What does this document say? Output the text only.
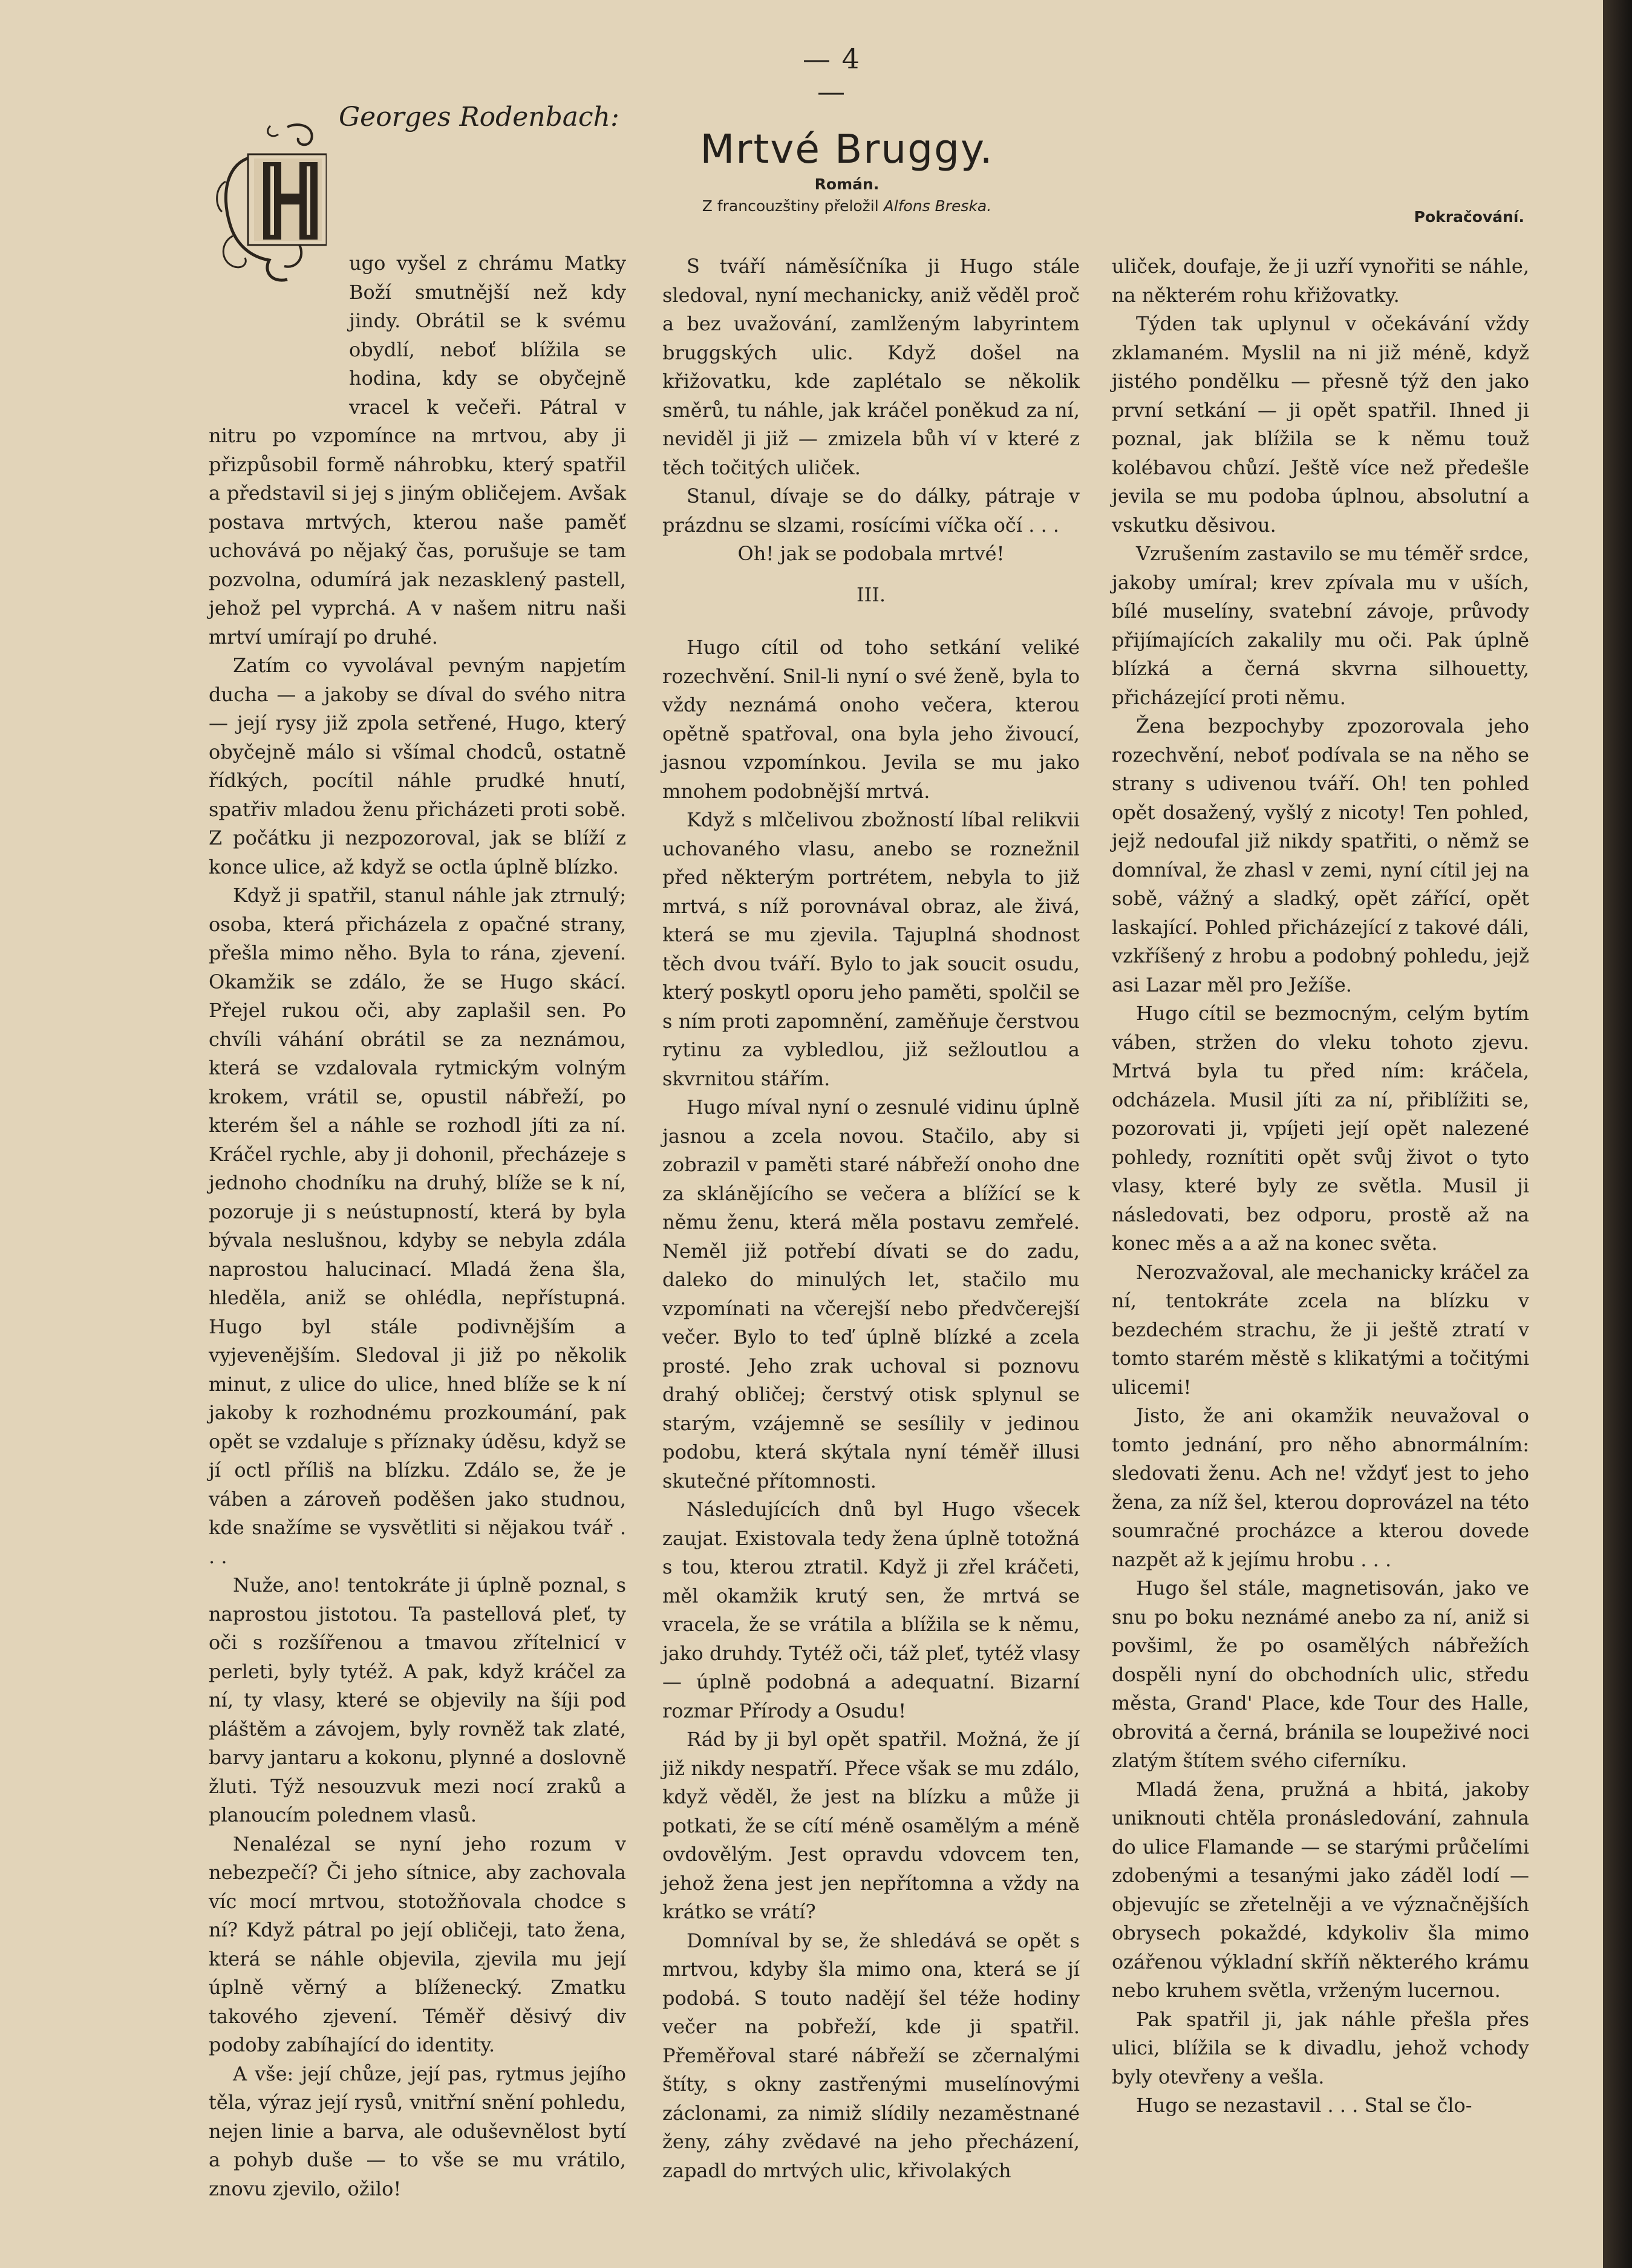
— 4 —
Georges Rodenbach:
Mrtvé Bruggy.
Román.
Z francouzštiny přeložil Alfons Breska.
Pokračování.

ugo vyšel z chrámu Matky Boží smutnější než kdy jindy. Obrátil se k svému obydlí, neboť blížila se hodina, kdy se obyčejně vracel k večeři. Pátral v nitru po vzpomínce na mrtvou, aby ji přizpůsobil formě náhrobku, který spatřil a představil si jej s jiným obličejem. Avšak postava mrtvých, kterou naše paměť uchovává po nějaký čas, porušuje se tam pozvolna, odumírá jak nezasklený pastell, jehož pel vyprchá. A v našem nitru naši mrtví umírají po druhé.

Zatím co vyvolával pevným napjetím ducha — a jakoby se díval do svého nitra — její rysy již zpola setřené, Hugo, který obyčejně málo si všímal chodců, ostatně řídkých, pocítil náhle prudké hnutí, spatřiv mladou ženu přicházeti proti sobě. Z počátku ji nezpozoroval, jak se blíží z konce ulice, až když se octla úplně blízko.

Když ji spatřil, stanul náhle jak ztrnulý; osoba, která přicházela z opačné strany, přešla mimo něho. Byla to rána, zjevení. Okamžik se zdálo, že se Hugo skácí. Přejel rukou oči, aby zaplašil sen. Po chvíli váhání obrátil se za neznámou, která se vzdalovala rytmickým volným krokem, vrátil se, opustil nábřeží, po kterém šel a náhle se rozhodl jíti za ní. Kráčel rychle, aby ji dohonil, přecházeje s jednoho chodníku na druhý, blíže se k ní, pozoruje ji s neústupností, která by byla bývala neslušnou, kdyby se nebyla zdála naprostou halucinací. Mladá žena šla, hleděla, aniž se ohlédla, nepřístupná. Hugo byl stále podivnějším a vyjevenějším. Sledoval ji již po několik minut, z ulice do ulice, hned blíže se k ní jakoby k rozhodnému prozkoumání, pak opět se vzdaluje s příznaky úděsu, když se jí octl příliš na blízku. Zdálo se, že je váben a zároveň poděšen jako studnou, kde snažíme se vysvětliti si nějakou tvář . . .

Nuže, ano! tentokráte ji úplně poznal, s naprostou jistotou. Ta pastellová pleť, ty oči s rozšířenou a tmavou zřítelnicí v perleti, byly tytéž. A pak, když kráčel za ní, ty vlasy, které se objevily na šíji pod pláštěm a závojem, byly rovněž tak zlaté, barvy jantaru a kokonu, plynné a doslovně žluti. Týž nesouzvuk mezi nocí zraků a planoucím polednem vlasů.

Nenalézal se nyní jeho rozum v nebezpečí? Či jeho sítnice, aby zachovala víc mocí mrtvou, stotožňovala chodce s ní? Když pátral po její obličeji, tato žena, která se náhle objevila, zjevila mu její úplně věrný a blíženecký. Zmatku takového zjevení. Téměř děsivý div podoby zabíhající do identity.

A vše: její chůze, její pas, rytmus jejího těla, výraz její rysů, vnitřní snění pohledu, nejen linie a barva, ale oduševnělost bytí a pohyb duše — to vše se mu vrátilo, znovu zjevilo, ožilo!

S tváří náměsíčníka ji Hugo stále sledoval, nyní mechanicky, aniž věděl proč a bez uvažování, zamlženým labyrintem bruggských ulic. Když došel na křižovatku, kde zaplétalo se několik směrů, tu náhle, jak kráčel poněkud za ní, neviděl ji již — zmizela bůh ví v které z těch točitých uliček.

Stanul, dívaje se do dálky, pátraje v prázdnu se slzami, rosícími víčka očí . . .

Oh! jak se podobala mrtvé!

III.

Hugo cítil od toho setkání veliké rozechvění. Snil-li nyní o své ženě, byla to vždy neznámá onoho večera, kterou opětně spatřoval, ona byla jeho živoucí, jasnou vzpomínkou. Jevila se mu jako mnohem podobnější mrtvá.

Když s mlčelivou zbožností líbal relikvii uchovaného vlasu, anebo se roznežnil před některým portrétem, nebyla to již mrtvá, s níž porovnával obraz, ale živá, která se mu zjevila. Tajuplná shodnost těch dvou tváří. Bylo to jak soucit osudu, který poskytl oporu jeho paměti, spolčil se s ním proti zapomnění, zaměňuje čerstvou rytinu za vybledlou, již sežloutlou a skvrnitou stářím.

Hugo míval nyní o zesnulé vidinu úplně jasnou a zcela novou. Stačilo, aby si zobrazil v paměti staré nábřeží onoho dne za sklánějícího se večera a blížící se k němu ženu, která měla postavu zemřelé. Neměl již potřebí dívati se do zadu, daleko do minulých let, stačilo mu vzpomínati na včerejší nebo předvčerejší večer. Bylo to teď úplně blízké a zcela prosté. Jeho zrak uchoval si poznovu drahý obličej; čerstvý otisk splynul se starým, vzájemně se sesílily v jedinou podobu, která skýtala nyní téměř illusi skutečné přítomnosti.

Následujících dnů byl Hugo všecek zaujat. Existovala tedy žena úplně totožná s tou, kterou ztratil. Když ji zřel kráčeti, měl okamžik krutý sen, že mrtvá se vracela, že se vrátila a blížila se k němu, jako druhdy. Tytéž oči, táž pleť, tytéž vlasy — úplně podobná a adequatní. Bizarní rozmar Přírody a Osudu!

Rád by ji byl opět spatřil. Možná, že jí již nikdy nespatří. Přece však se mu zdálo, když věděl, že jest na blízku a může ji potkati, že se cítí méně osamělým a méně ovdovělým. Jest opravdu vdovcem ten, jehož žena jest jen nepřítomna a vždy na krátko se vrátí?

Domníval by se, že shledává se opět s mrtvou, kdyby šla mimo ona, která se jí podobá. S touto nadějí šel téže hodiny večer na pobřeží, kde ji spatřil. Přeměřoval staré nábřeží se zčernalými štíty, s okny zastřenými muselínovými záclonami, za nimiž slídily nezaměstnané ženy, záhy zvědavé na jeho přecházení, zapadl do mrtvých ulic, křivolakých

uliček, doufaje, že ji uzří vynořiti se náhle, na některém rohu křižovatky.

Týden tak uplynul v očekávání vždy zklamaném. Myslil na ni již méně, když jistého pondělku — přesně týž den jako první setkání — ji opět spatřil. Ihned ji poznal, jak blížila se k němu touž kolébavou chůzí. Ještě více než předešle jevila se mu podoba úplnou, absolutní a vskutku děsivou.

Vzrušením zastavilo se mu téměř srdce, jakoby umíral; krev zpívala mu v uších, bílé muselíny, svatební závoje, průvody přijímajících zakalily mu oči. Pak úplně blízká a černá skvrna silhouetty, přicházející proti němu.

Žena bezpochyby zpozorovala jeho rozechvění, neboť podívala se na něho se strany s udivenou tváří. Oh! ten pohled opět dosažený, vyšlý z nicoty! Ten pohled, jejž nedoufal již nikdy spatřiti, o němž se domníval, že zhasl v zemi, nyní cítil jej na sobě, vážný a sladký, opět zářící, opět laskající. Pohled přicházející z takové dáli, vzkříšený z hrobu a podobný pohledu, jejž asi Lazar měl pro Ježíše.

Hugo cítil se bezmocným, celým bytím váben, stržen do vleku tohoto zjevu. Mrtvá byla tu před ním: kráčela, odcházela. Musil jíti za ní, přiblížiti se, pozorovati ji, vpíjeti její opět nalezené pohledy, roznítiti opět svůj život o tyto vlasy, které byly ze světla. Musil ji následovati, bez odporu, prostě až na konec měs a a až na konec světa.

Nerozvažoval, ale mechanicky kráčel za ní, tentokráte zcela na blízku v bezdechém strachu, že ji ještě ztratí v tomto starém městě s klikatými a točitými ulicemi!

Jisto, že ani okamžik neuvažoval o tomto jednání, pro něho abnormálním: sledovati ženu. Ach ne! vždyť jest to jeho žena, za níž šel, kterou doprovázel na této soumračné procházce a kterou dovede nazpět až k jejímu hrobu . . .

Hugo šel stále, magnetisován, jako ve snu po boku neznámé anebo za ní, aniž si povšiml, že po osamělých nábřežích dospěli nyní do obchodních ulic, středu města, Grand' Place, kde Tour des Halle, obrovitá a černá, bránila se loupeživé noci zlatým štítem svého ciferníku.

Mladá žena, pružná a hbitá, jakoby uniknouti chtěla pronásledování, zahnula do ulice Flamande — se starými průčelími zdobenými a tesanými jako záděl lodí — objevujíc se zřetelněji a ve význačnějších obrysech pokaždé, kdykoliv šla mimo ozářenou výkladní skříň některého krámu nebo kruhem světla, vrženým lucernou.

Pak spatřil ji, jak náhle přešla přes ulici, blížila se k divadlu, jehož vchody byly otevřeny a vešla.

Hugo se nezastavil . . . Stal se člo-
